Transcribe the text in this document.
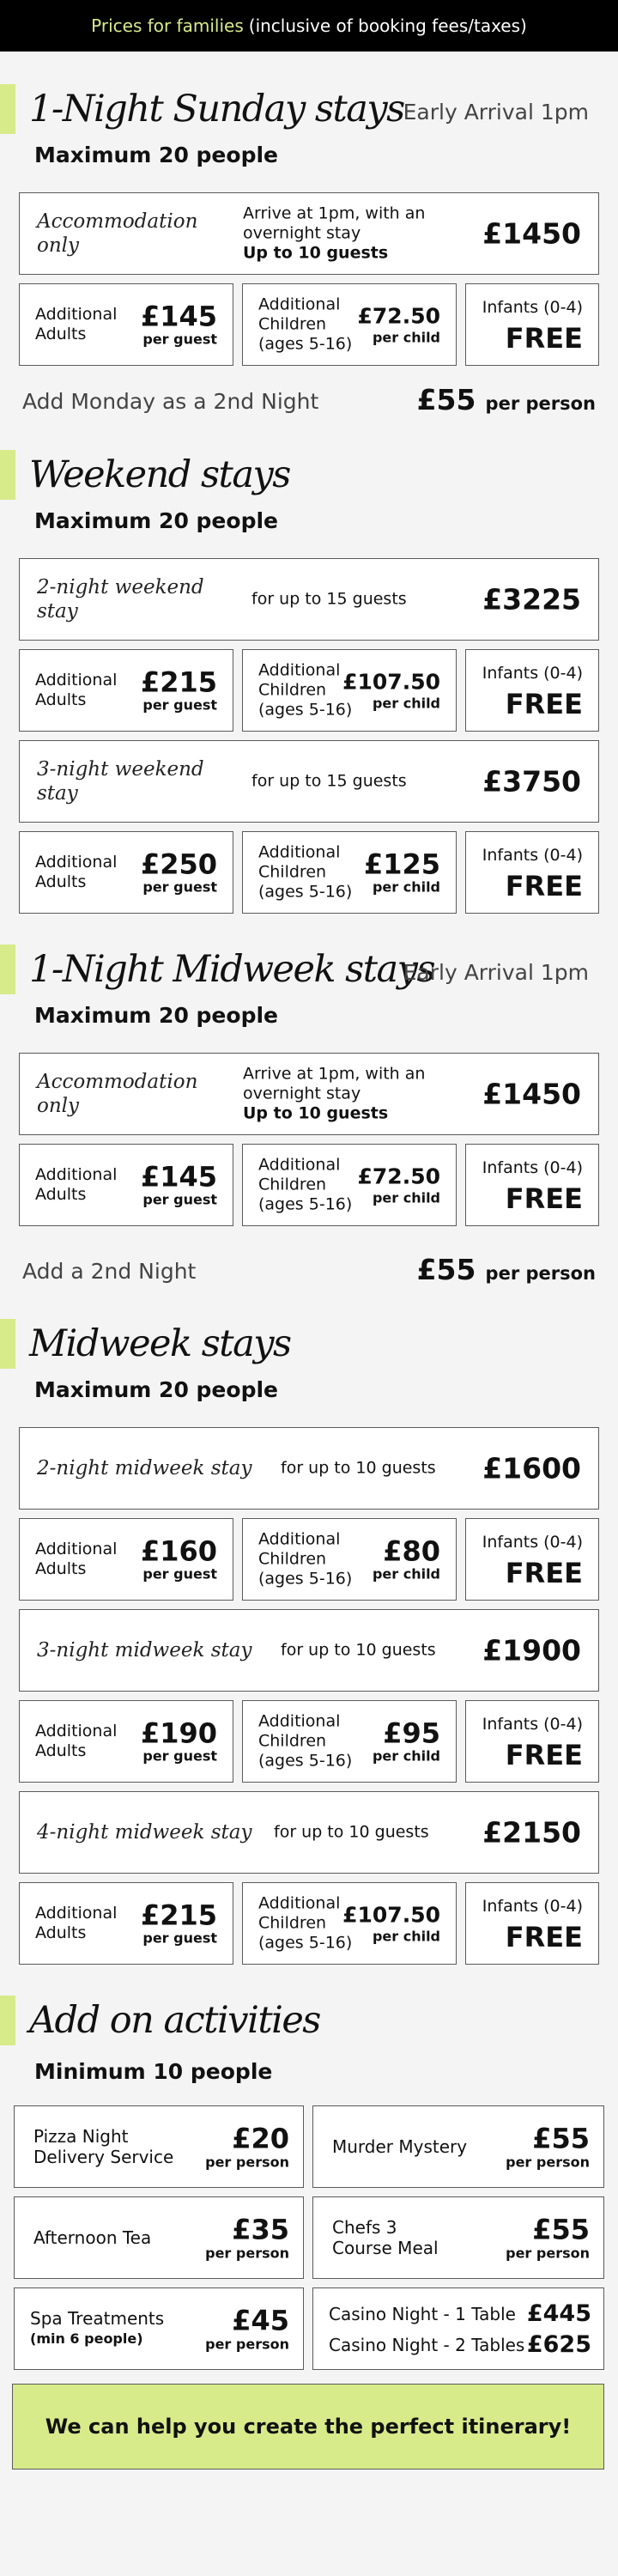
Prices for families (inclusive of booking fees/taxes)
1-Night Sunday stays
Early Arrival 1pm
Maximum 20 people
Accommodation only
Arrive at 1pm, with an overnight stay
Up to 10 guests
£1450
Additional Adults
£145
per guest
Additional Children (ages 5-16)
£72.50
per child
Infants (0-4)
FREE
Add Monday as a 2nd Night	£55 per person
Weekend stays
Maximum 20 people
2-night weekend stay
for up to 15 guests	£3225
Additional Adults
£215
per guest
Additional Children (ages 5-16)
£107.50
per child
Infants (0-4)
FREE
3-night weekend stay
for up to 15 guests	£3750
Additional Adults
£250
per guest
Additional Children (ages 5-16)
£125
per child
Infants (0-4)
FREE
1-Night Midweek stays
Early Arrival 1pm
Maximum 20 people
Accommodation only
Arrive at 1pm, with an overnight stay
Up to 10 guests
£1450
Additional Adults
£145
per guest
Additional Children (ages 5-16)
£72.50
per child
Infants (0-4)
FREE
Add a 2nd Night	£55 per person
Midweek stays
Maximum 20 people
2-night midweek stay for up to 10 guests £1600
Additional Adults
£160
per guest
Additional Children (ages 5-16)
£80
per child
Infants (0-4)
FREE
3-night midweek stay for up to 10 guests £1900
Additional Adults
£190
per guest
Additional Children (ages 5-16)
£95
per child
Infants (0-4)
FREE
4-night midweek stay for up to 10 guests £2150
Additional Adults
£215
per guest
Additional Children (ages 5-16)
£107.50
per child
Infants (0-4)
FREE
Add on activities
Minimum 10 people
Pizza Night Delivery Service
£20
per person
Murder Mystery	£55
per person
Afternoon Tea	£35
per person
Chefs 3 Course Meal
£55
per person
Spa Treatments
(min 6 people)
£45
per person
Casino Night - 1 Table £445
Casino Night - 2 Tables £625
We can help you create the perfect itinerary!
